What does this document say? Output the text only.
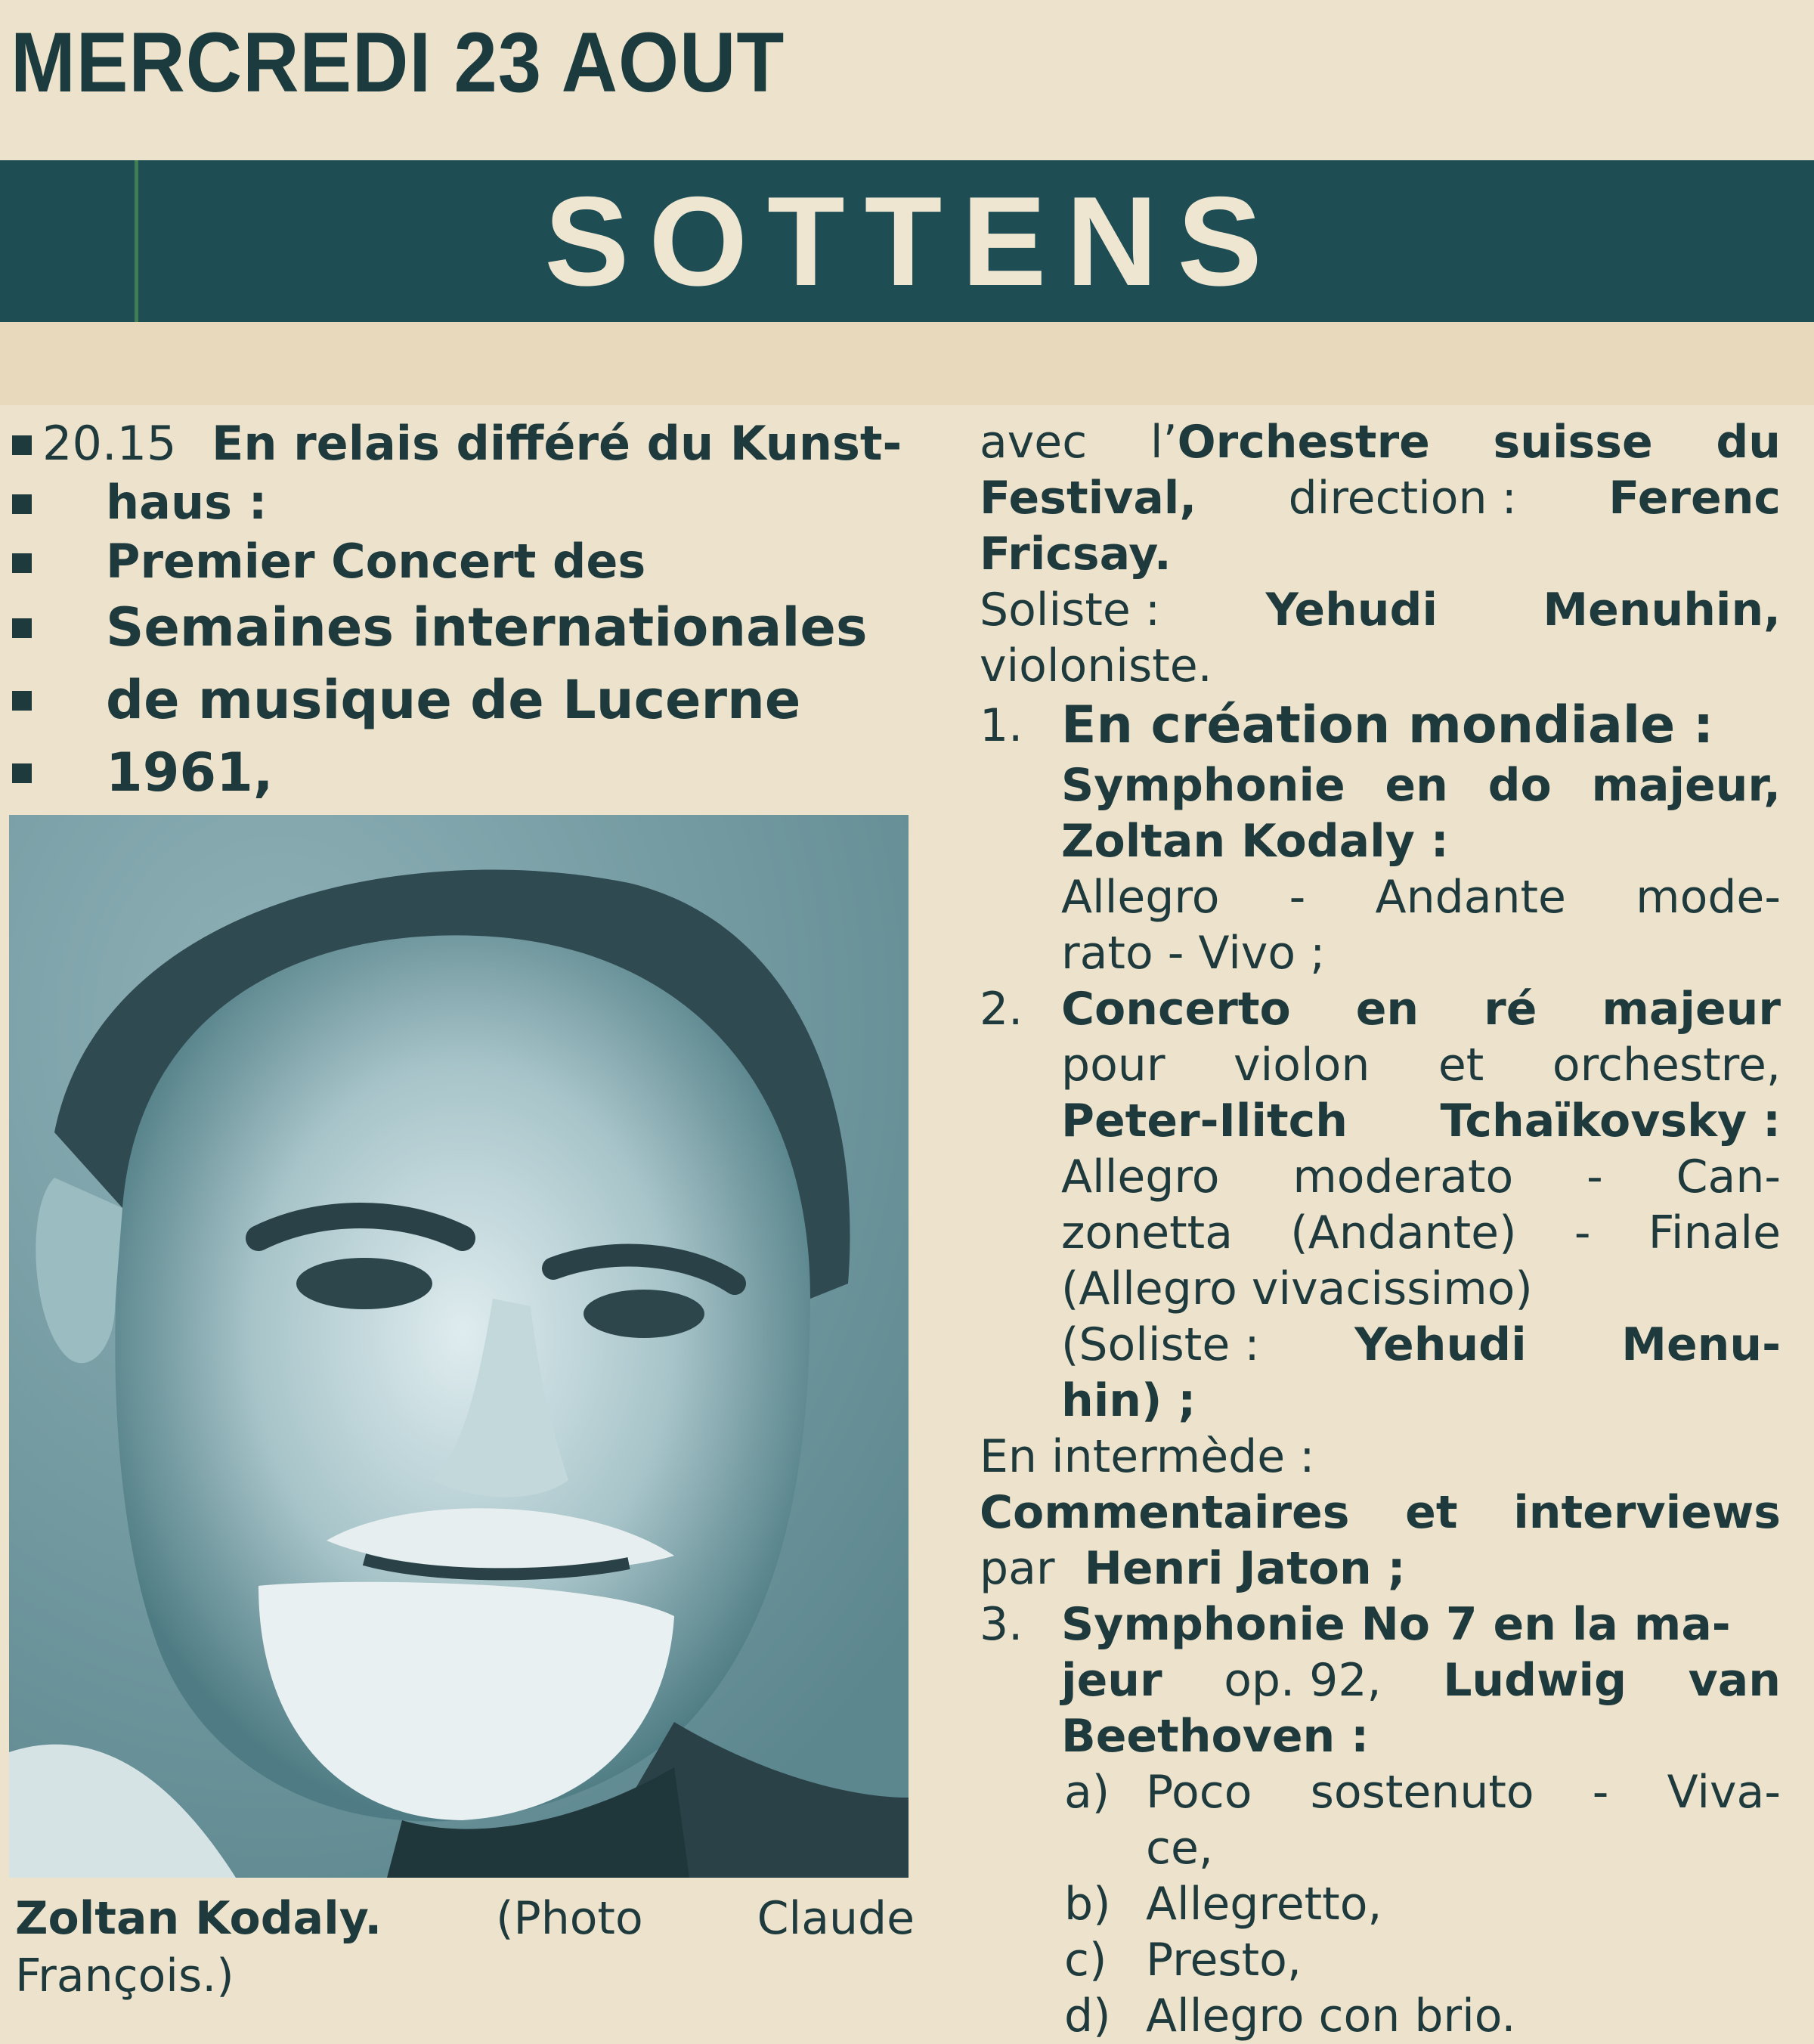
MERCREDI 23 AOUT
SOTTENS
20.15 En relais différé du Kunst-
haus :
Premier Concert des
Semaines internationales
de musique de Lucerne
1961,
Zoltan Kodaly.	(Photo	Claude
François.)
avec l’Orchestre suisse du
Festival, direction : Ferenc
Fricsay.
Soliste : Yehudi Menuhin,
violoniste.
1. En création mondiale :
Symphonie en do majeur,
Zoltan Kodaly :
Allegro - Andante mode-
rato - Vivo ;
2. Concerto en ré majeur
pour violon et orchestre,
Peter-Ilitch Tchaïkovsky :
Allegro moderato - Can-
zonetta (Andante) - Finale
(Allegro vivacissimo)
(Soliste : Yehudi Menu-
hin) ;
En intermède :
Commentaires et interviews
par Henri Jaton ;
3. Symphonie No 7 en la ma-
jeur op. 92, Ludwig van
Beethoven :
a) Poco sostenuto - Viva-
ce,
b) Allegretto,
c) Presto,
d) Allegro con brio.
